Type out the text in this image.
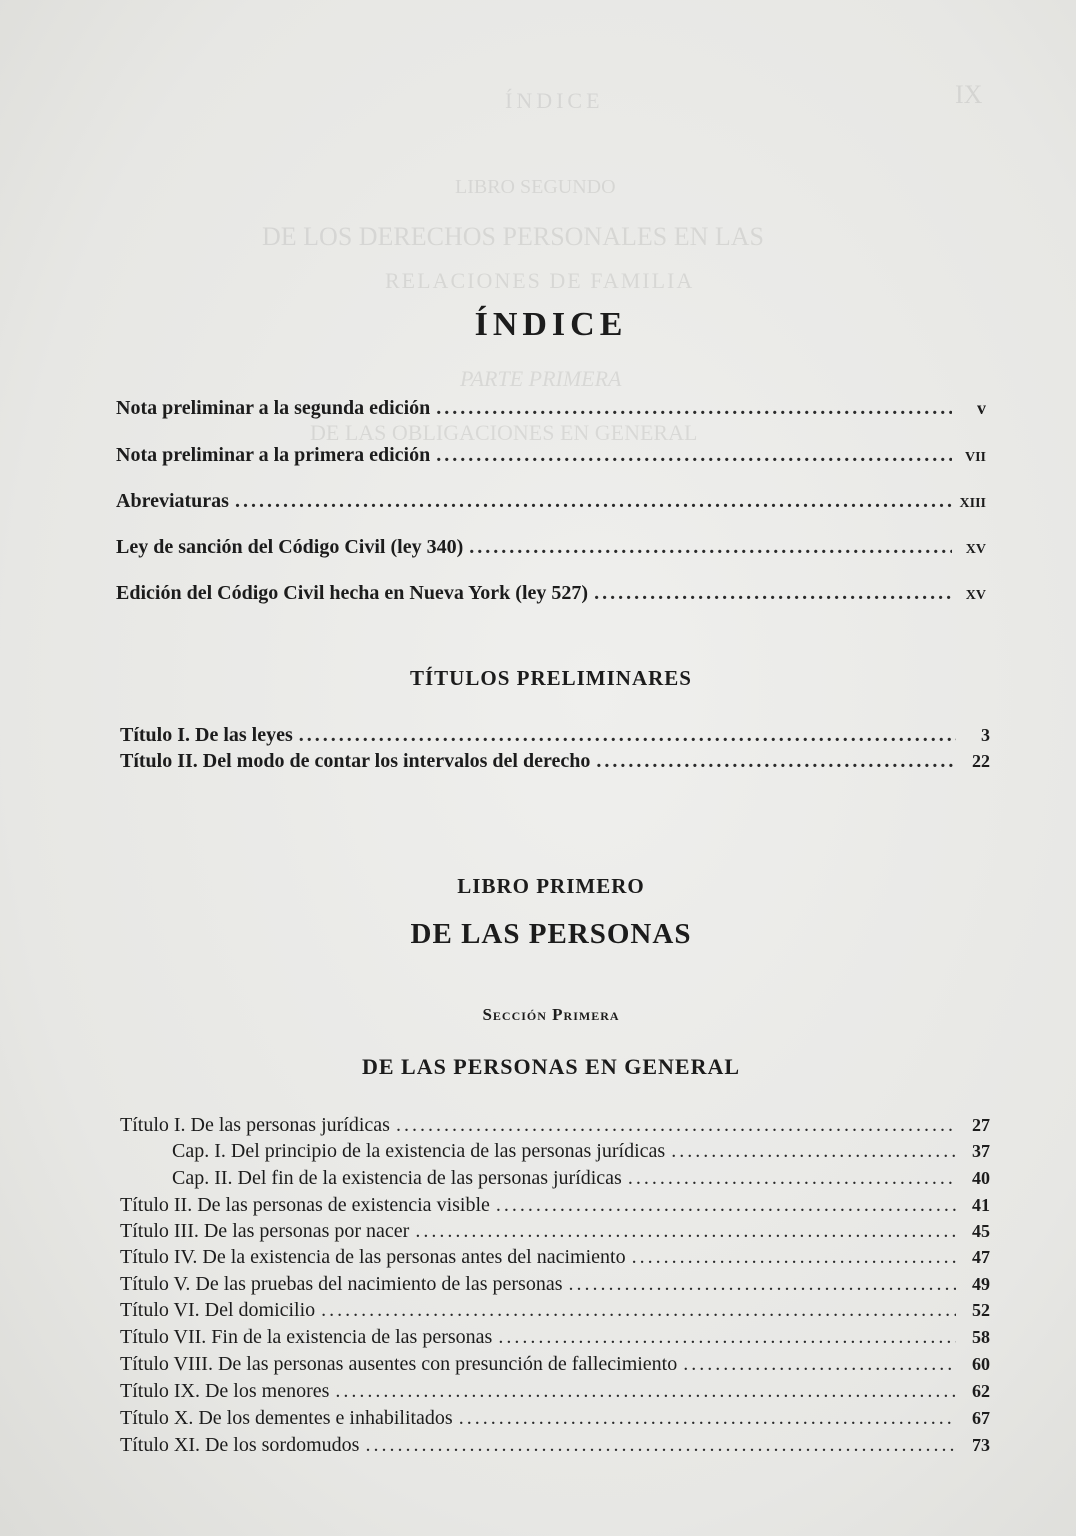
ÍNDICE
Nota preliminar a la segunda edición . . .	v
Nota preliminar a la primera edición . . .	VII
Abreviaturas . . .	XIII
Ley de sanción del Código Civil (ley 340) . . .	XV
Edición del Código Civil hecha en Nueva York (ley 527) . . .	XV
TÍTULOS PRELIMINARES
Título I. De las leyes . . .	3
Título II. Del modo de contar los intervalos del derecho . . .	22
LIBRO PRIMERO
DE LAS PERSONAS
Sección Primera
DE LAS PERSONAS EN GENERAL
Título I. De las personas jurídicas . . .	27
Cap. I. Del principio de la existencia de las personas jurídicas . . .	37
Cap. II. Del fin de la existencia de las personas jurídicas . . .	40
Título II. De las personas de existencia visible . . .	41
Título III. De las personas por nacer . . .	45
Título IV. De la existencia de las personas antes del nacimiento . . .	47
Título V. De las pruebas del nacimiento de las personas . . .	49
Título VI. Del domicilio . . .	52
Título VII. Fin de la existencia de las personas . . .	58
Título VIII. De las personas ausentes con presunción de fallecimiento . . .	60
Título IX. De los menores . . .	62
Título X. De los dementes e inhabilitados . . .	67
Título XI. De los sordomudos . . .	73
